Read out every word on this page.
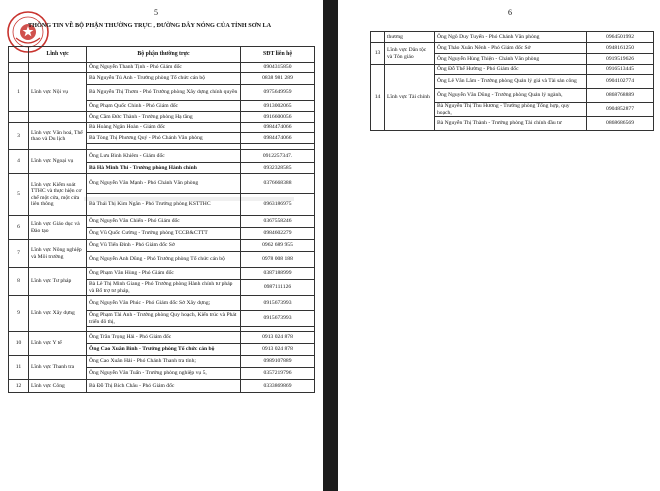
5
THÔNG TIN VỀ BỘ PHẬN THƯỜNG TRỰC , ĐƯỜNG DÂY NÓNG CỦA TỈNH SƠN LA
	Lĩnh vực	Bộ phận thường trực	SĐT liên hệ
		Ông Nguyễn Thanh Tịnh - Phó Giám đốc	0904315850
1	Lĩnh vực Nội vụ	Bà Nguyễn Tú Anh - Trưởng phòng Tổ chức cán bộ	0838 981 289
		Bà Nguyễn Thị Thơm - Phó Trưởng phòng Xây dựng chính quyền	0975649959
		Ông Phạm Quốc Chinh - Phó Giám đốc	0913002065
		Ông Cầm Đức Thành - Trưởng phòng Hạ tầng	0916600056
3	Lĩnh vực Văn hoá, Thể thao và Du lịch	Bà Hoàng Ngân Hoàn - Giám đốc	0984474066
		Bà Tòng Thị Phương Quý - Phó Chánh Văn phòng	0984474066

4	Lĩnh vực Ngoại vụ	Ông Lưu Bình Khiêm - Giám đốc	0912257347.
		Bà Hà Minh Thi - Trưởng phòng Hành chính	0932328585
5	Lĩnh vực Kiểm soát TTHC và thực hiện cơ chế một cửa, một cửa liên thông	Ông Nguyễn Văn Mạnh - Phó Chánh Văn phòng	0376668388
		Bà Thái Thị Kim Ngân - Phó Trưởng phòng KSTTHC	0963186975
6	Lĩnh vực Giáo dục và Đào tạo	Ông Nguyễn Văn Chiến - Phó Giám đốc	0367558246
		Ông Vũ Quốc Cường - Trưởng phòng TCCB&CTTT	0984602279
7	Lĩnh vực Nông nghiệp và Môi trường	Ông Vũ Tiến Đỉnh - Phó Giám đốc Sở	0962 689 955
		Ông Nguyễn Anh Dũng - Phó Trưởng phòng Tổ chức cán bộ	0978 008 188
8	Lĩnh vực Tư pháp	Ông Phạm Văn Hùng - Phó Giám đốc	0387188999
		Bà Lê Thị Minh Giang - Phó Trưởng phòng Hành chính tư pháp và Bổ trợ tư pháp,	0987111126
9	Lĩnh vực Xây dựng	Ông Nguyễn Văn Phúc - Phó Giám đốc Sở Xây dựng;	0915673993
		Ông Phạm Tài Anh - Trưởng phòng Quy hoạch, Kiến trúc và Phát triển đô thị,	0915673993

10	Lĩnh vực Y tế	Ông Trần Trọng Hải - Phó Giám đốc	0913 024 878
		Ông Cao Xuân Bình - Trưởng phòng Tổ chức cán bộ	0913 024 878
11	Lĩnh vực Thanh tra	Ông Cao Xuân Hải - Phó Chánh Thanh tra tỉnh;	0989107889
		Ông Nguyễn Văn Tuấn - Trưởng phòng nghiệp vụ 5,	0357219796
12	Lĩnh vực Công	Bà Đỗ Thị Bích Châu - Phó Giám đốc	0333869869
6
	thương	Ông Ngô Duy Tuyến - Phó Chánh Văn phòng	0964501992
13	Lĩnh vực Dân tộc và Tôn giáo	Ông Thảo Xuân Nênh - Phó Giám đốc Sở	0948161250
		Ông Nguyễn Hùng Thiện - Chánh Văn phòng	0919519626
14	Lĩnh vực Tài chính	Ông Đỗ Thế Hường - Phó Giám đốc	0916513445
		Ông Lê Văn Lâm - Trưởng phòng Quản lý giá và Tài sản công	0904102774
		Ông Nguyễn Văn Dũng - Trưởng phòng Quản lý ngành,	0868768889
		Bà Nguyễn Thị Thu Hương - Trưởng phòng Tổng hợp, quy hoạch,	0904852877
		Bà Nguyễn Thị Thành - Trưởng phòng Tài chính đầu tư	0868686569
